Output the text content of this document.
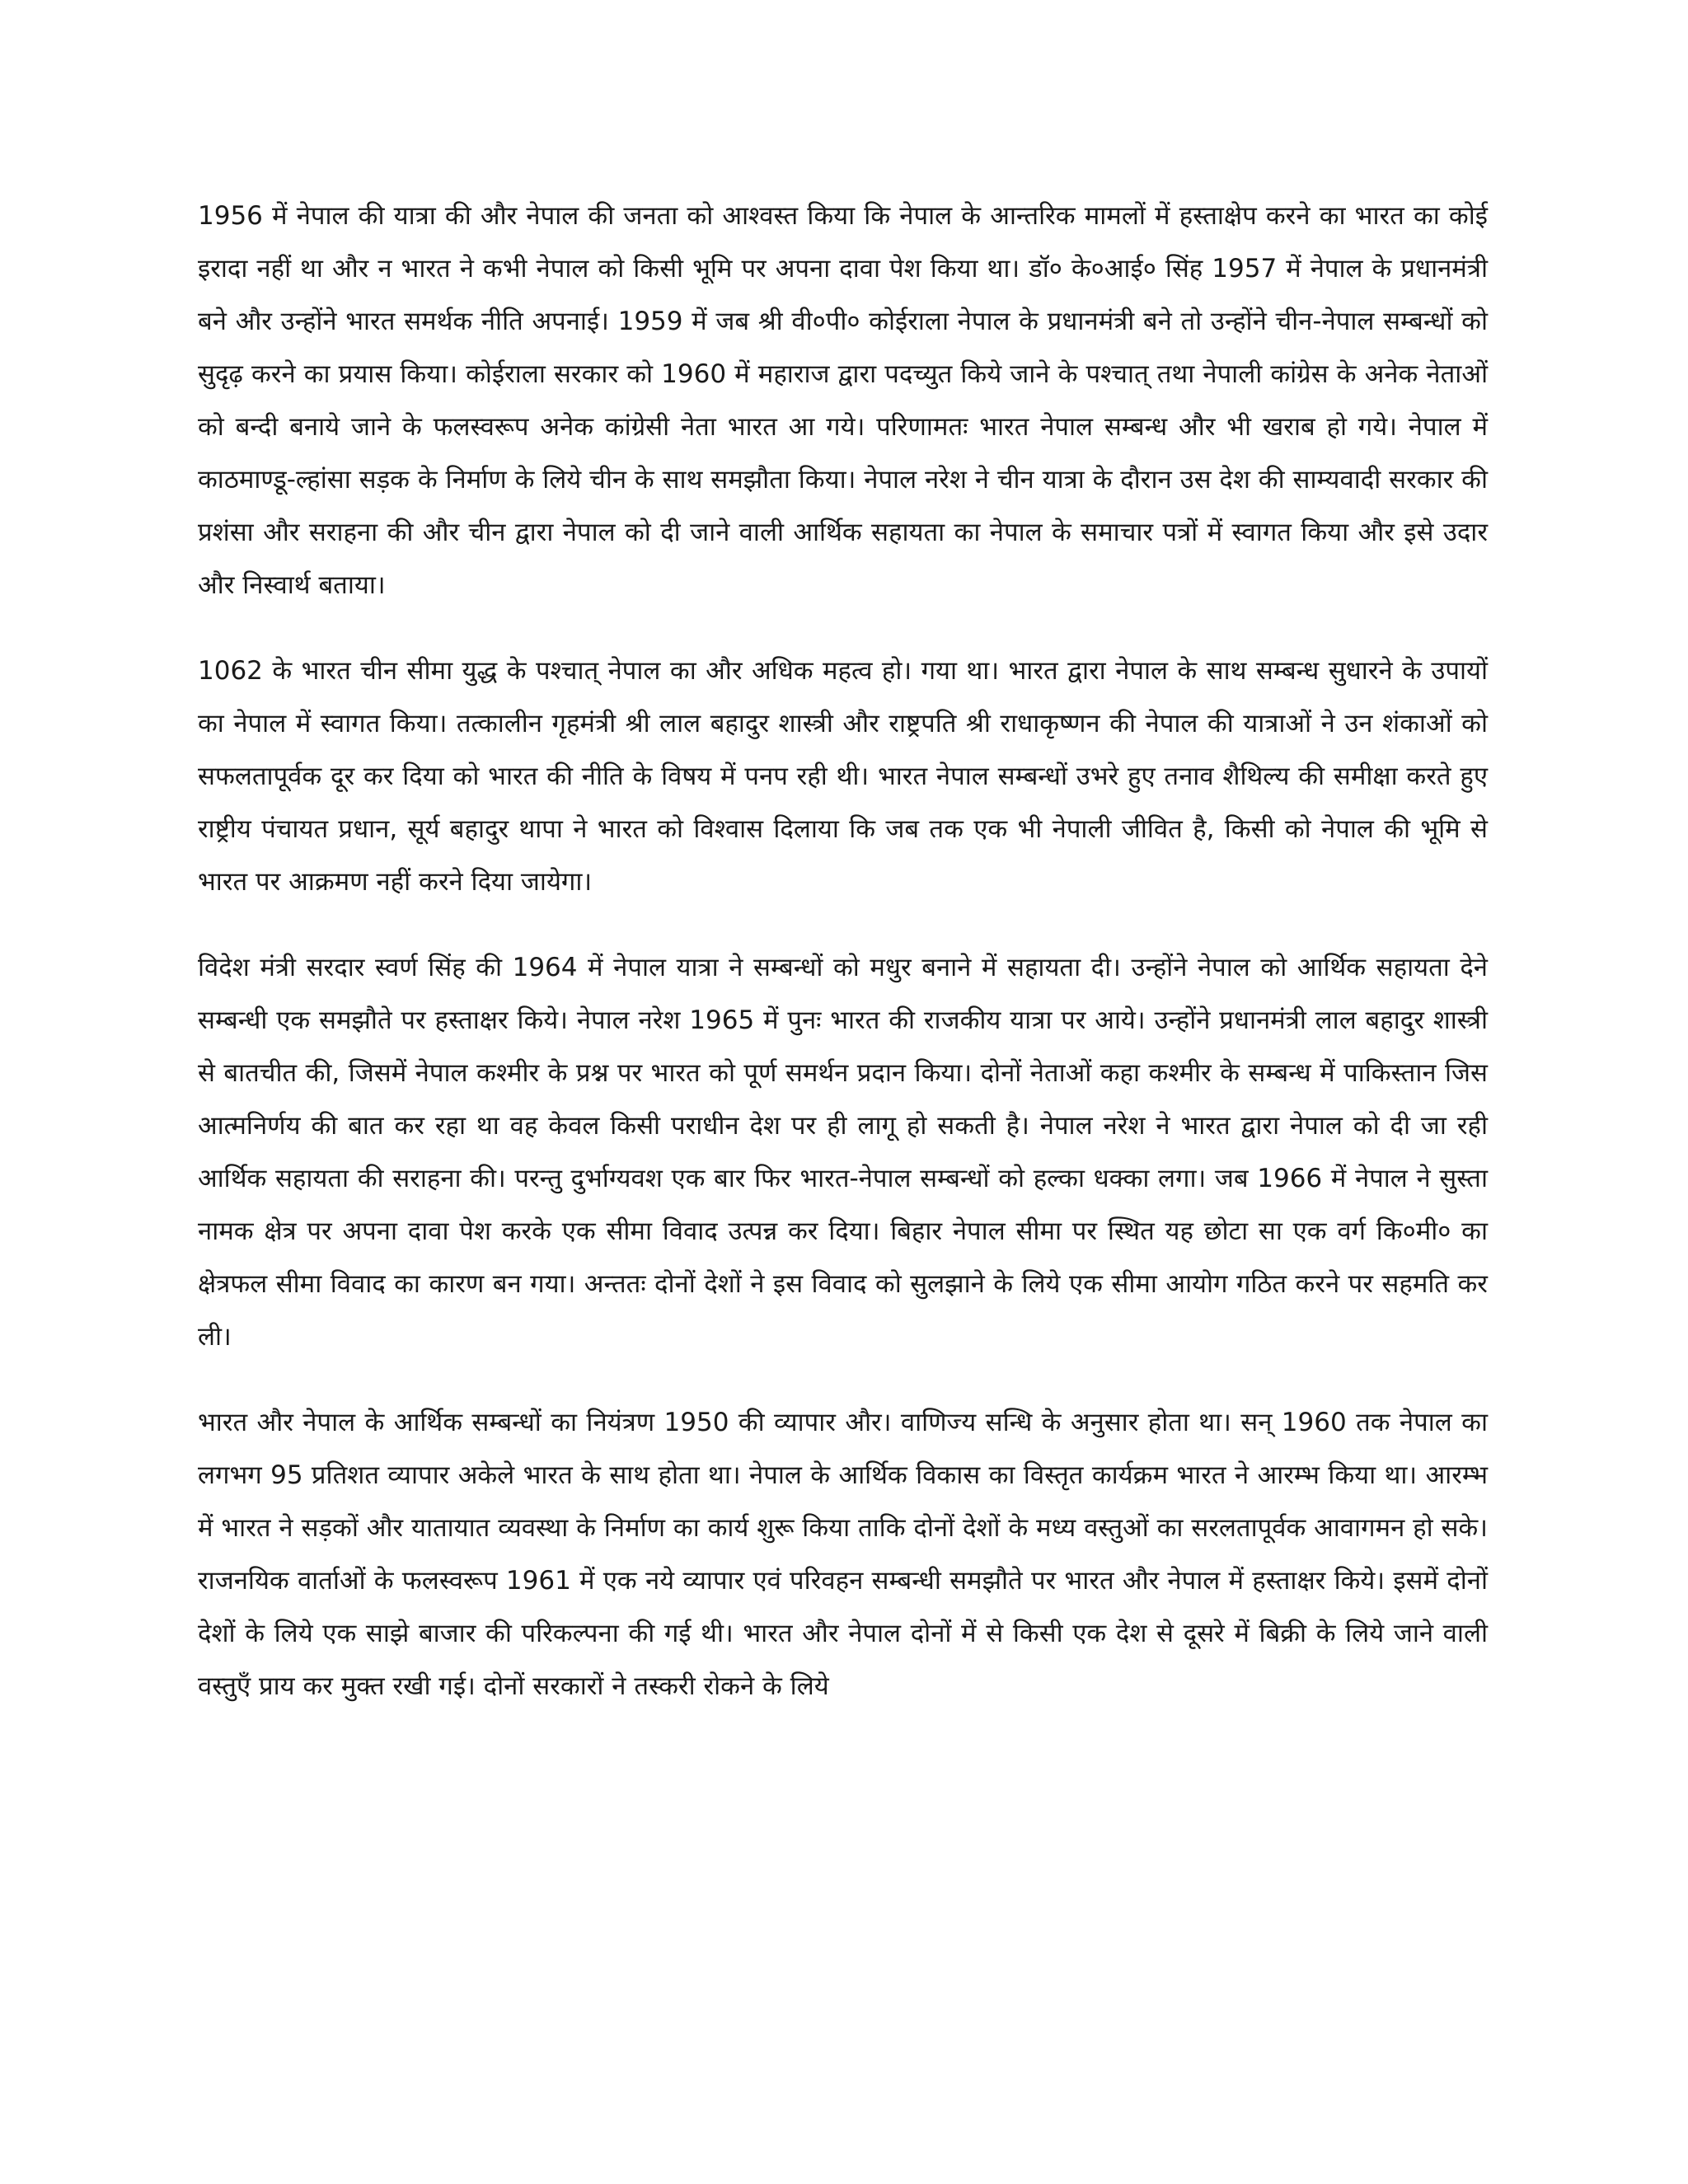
1956 में नेपाल की यात्रा की और नेपाल की जनता को आश्वस्त किया कि नेपाल के आन्तरिक मामलों में हस्ताक्षेप करने का भारत का कोई इरादा नहीं था और न भारत ने कभी नेपाल को किसी भूमि पर अपना दावा पेश किया था। डॉ० के०आई० सिंह 1957 में नेपाल के प्रधानमंत्री बने और उन्होंने भारत समर्थक नीति अपनाई। 1959 में जब श्री वी०पी० कोईराला नेपाल के प्रधानमंत्री बने तो उन्होंने चीन-नेपाल सम्बन्धों को सुदृढ़ करने का प्रयास किया। कोईराला सरकार को 1960 में महाराज द्वारा पदच्युत किये जाने के पश्चात् तथा नेपाली कांग्रेस के अनेक नेताओं को बन्दी बनाये जाने के फलस्वरूप अनेक कांग्रेसी नेता भारत आ गये। परिणामतः भारत नेपाल सम्बन्ध और भी खराब हो गये। नेपाल में काठमाण्डू-ल्हांसा सड़क के निर्माण के लिये चीन के साथ समझौता किया। नेपाल नरेश ने चीन यात्रा के दौरान उस देश की साम्यवादी सरकार की प्रशंसा और सराहना की और चीन द्वारा नेपाल को दी जाने वाली आर्थिक सहायता का नेपाल के समाचार पत्रों में स्वागत किया और इसे उदार और निस्वार्थ बताया।

1062 के भारत चीन सीमा युद्ध के पश्चात् नेपाल का और अधिक महत्व हो। गया था। भारत द्वारा नेपाल के साथ सम्बन्ध सुधारने के उपायों का नेपाल में स्वागत किया। तत्कालीन गृहमंत्री श्री लाल बहादुर शास्त्री और राष्ट्रपति श्री राधाकृष्णन की नेपाल की यात्राओं ने उन शंकाओं को सफलतापूर्वक दूर कर दिया को भारत की नीति के विषय में पनप रही थी। भारत नेपाल सम्बन्धों उभरे हुए तनाव शैथिल्य की समीक्षा करते हुए राष्ट्रीय पंचायत प्रधान, सूर्य बहादुर थापा ने भारत को विश्वास दिलाया कि जब तक एक भी नेपाली जीवित है, किसी को नेपाल की भूमि से भारत पर आक्रमण नहीं करने दिया जायेगा।

विदेश मंत्री सरदार स्वर्ण सिंह की 1964 में नेपाल यात्रा ने सम्बन्धों को मधुर बनाने में सहायता दी। उन्होंने नेपाल को आर्थिक सहायता देने सम्बन्धी एक समझौते पर हस्ताक्षर किये। नेपाल नरेश 1965 में पुनः भारत की राजकीय यात्रा पर आये। उन्होंने प्रधानमंत्री लाल बहादुर शास्त्री से बातचीत की, जिसमें नेपाल कश्मीर के प्रश्न पर भारत को पूर्ण समर्थन प्रदान किया। दोनों नेताओं कहा कश्मीर के सम्बन्ध में पाकिस्तान जिस आत्मनिर्णय की बात कर रहा था वह केवल किसी पराधीन देश पर ही लागू हो सकती है। नेपाल नरेश ने भारत द्वारा नेपाल को दी जा रही आर्थिक सहायता की सराहना की। परन्तु दुर्भाग्यवश एक बार फिर भारत-नेपाल सम्बन्धों को हल्का धक्का लगा। जब 1966 में नेपाल ने सुस्ता नामक क्षेत्र पर अपना दावा पेश करके एक सीमा विवाद उत्पन्न कर दिया। बिहार नेपाल सीमा पर स्थित यह छोटा सा एक वर्ग कि०मी० का क्षेत्रफल सीमा विवाद का कारण बन गया। अन्ततः दोनों देशों ने इस विवाद को सुलझाने के लिये एक सीमा आयोग गठित करने पर सहमति कर ली।

भारत और नेपाल के आर्थिक सम्बन्धों का नियंत्रण 1950 की व्यापार और। वाणिज्य सन्धि के अनुसार होता था। सन् 1960 तक नेपाल का लगभग 95 प्रतिशत व्यापार अकेले भारत के साथ होता था। नेपाल के आर्थिक विकास का विस्तृत कार्यक्रम भारत ने आरम्भ किया था। आरम्भ में भारत ने सड़कों और यातायात व्यवस्था के निर्माण का कार्य शुरू किया ताकि दोनों देशों के मध्य वस्तुओं का सरलतापूर्वक आवागमन हो सके। राजनयिक वार्ताओं के फलस्वरूप 1961 में एक नये व्यापार एवं परिवहन सम्बन्धी समझौते पर भारत और नेपाल में हस्ताक्षर किये। इसमें दोनों देशों के लिये एक साझे बाजार की परिकल्पना की गई थी। भारत और नेपाल दोनों में से किसी एक देश से दूसरे में बिक्री के लिये जाने वाली वस्तुएँ प्राय कर मुक्त रखी गई। दोनों सरकारों ने तस्करी रोकने के लिये
